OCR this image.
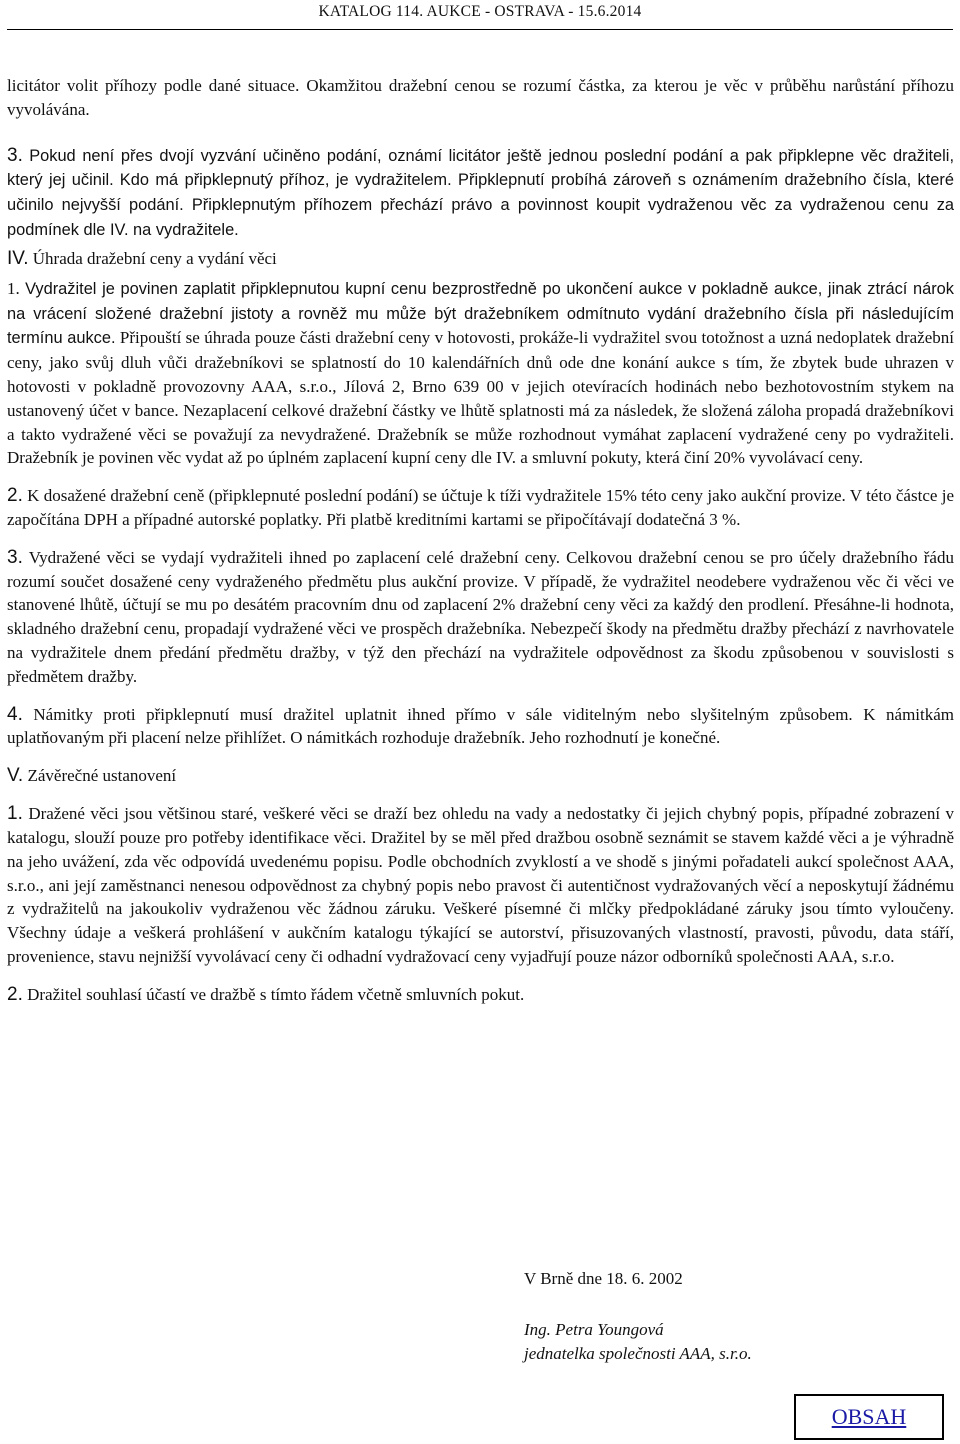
KATALOG 114. AUKCE - OSTRAVA - 15.6.2014

licitátor volit příhozy podle dané situace. Okamžitou dražební cenou se rozumí částka, za kterou je věc v průběhu narůstání příhozu vyvolávána.

3. Pokud není přes dvojí vyzvání učiněno podání, oznámí licitátor ještě jednou poslední podání a pak připklepne věc dražiteli, který jej učinil. Kdo má připklepnutý příhoz, je vydražitelem. Připklepnutí probíhá zároveň s oznámením dražebního čísla, které učinilo nejvyšší podání. Připklepnutým příhozem přechází právo a povinnost koupit vydraženou věc za vydraženou cenu za podmínek dle IV. na vydražitele.

IV. Úhrada dražební ceny a vydání věci

1. Vydražitel je povinen zaplatit připklepnutou kupní cenu bezprostředně po ukončení aukce v pokladně aukce, jinak ztrácí nárok na vrácení složené dražební jistoty a rovněž mu může být dražebníkem odmítnuto vydání dražebního čísla při následujícím termínu aukce. Připouští se úhrada pouze části dražební ceny v hotovosti, prokáže-li vydražitel svou totožnost a uzná nedoplatek dražební ceny, jako svůj dluh vůči dražebníkovi se splatností do 10 kalendářních dnů ode dne konání aukce s tím, že zbytek bude uhrazen v hotovosti v pokladně provozovny AAA, s.r.o., Jílová 2, Brno 639 00 v jejich otevíracích hodinách nebo bezhotovostním stykem na ustanovený účet v bance. Nezaplacení celkové dražební částky ve lhůtě splatnosti má za následek, že složená záloha propadá dražebníkovi a takto vydražené věci se považují za nevydražené. Dražebník se může rozhodnout vymáhat zaplacení vydražené ceny po vydražiteli. Dražebník je povinen věc vydat až po úplném zaplacení kupní ceny dle IV. a smluvní pokuty, která činí 20% vyvolávací ceny.

2. K dosažené dražební ceně (připklepnuté poslední podání) se účtuje k tíži vydražitele 15% této ceny jako aukční provize. V této částce je započítána DPH a případné autorské poplatky. Při platbě kreditními kartami se připočítávají dodatečná 3 %.

3. Vydražené věci se vydají vydražiteli ihned po zaplacení celé dražební ceny. Celkovou dražební cenou se pro účely dražebního řádu rozumí součet dosažené ceny vydraženého předmětu plus aukční provize. V případě, že vydražitel neodebere vydraženou věc či věci ve stanovené lhůtě, účtují se mu po desátém pracovním dnu od zaplacení 2% dražební ceny věci za každý den prodlení. Přesáhne-li hodnota, skladného dražební cenu, propadají vydražené věci ve prospěch dražebníka. Nebezpečí škody na předmětu dražby přechází z navrhovatele na vydražitele dnem předání předmětu dražby, v týž den přechází na vydražitele odpovědnost za škodu způsobenou v souvislosti s předmětem dražby.

4. Námitky proti připklepnutí musí dražitel uplatnit ihned přímo v sále viditelným nebo slyšitelným způsobem. K námitkám uplatňovaným při placení nelze přihlížet. O námitkách rozhoduje dražebník. Jeho rozhodnutí je konečné.

V. Závěrečné ustanovení

1. Dražené věci jsou většinou staré, veškeré věci se draží bez ohledu na vady a nedostatky či jejich chybný popis, případné zobrazení v katalogu, slouží pouze pro potřeby identifikace věci. Dražitel by se měl před dražbou osobně seznámit se stavem každé věci a je výhradně na jeho uvážení, zda věc odpovídá uvedenému popisu. Podle obchodních zvyklostí a ve shodě s jinými pořadateli aukcí společnost AAA, s.r.o., ani její zaměstnanci nenesou odpovědnost za chybný popis nebo pravost či autentičnost vydražovaných věcí a neposkytují žádnému z vydražitelů na jakoukoliv vydraženou věc žádnou záruku. Veškeré písemné či mlčky předpokládané záruky jsou tímto vyloučeny. Všechny údaje a veškerá prohlášení v aukčním katalogu týkající se autorství, přisuzovaných vlastností, pravosti, původu, data stáří, provenience, stavu nejnižší vyvolávací ceny či odhadní vydražovací ceny vyjadřují pouze názor odborníků společnosti AAA, s.r.o.

2. Dražitel souhlasí účastí ve dražbě s tímto řádem včetně smluvních pokut.

V Brně dne 18. 6. 2002
Ing. Petra Youngová
jednatelka společnosti AAA, s.r.o.
OBSAH
